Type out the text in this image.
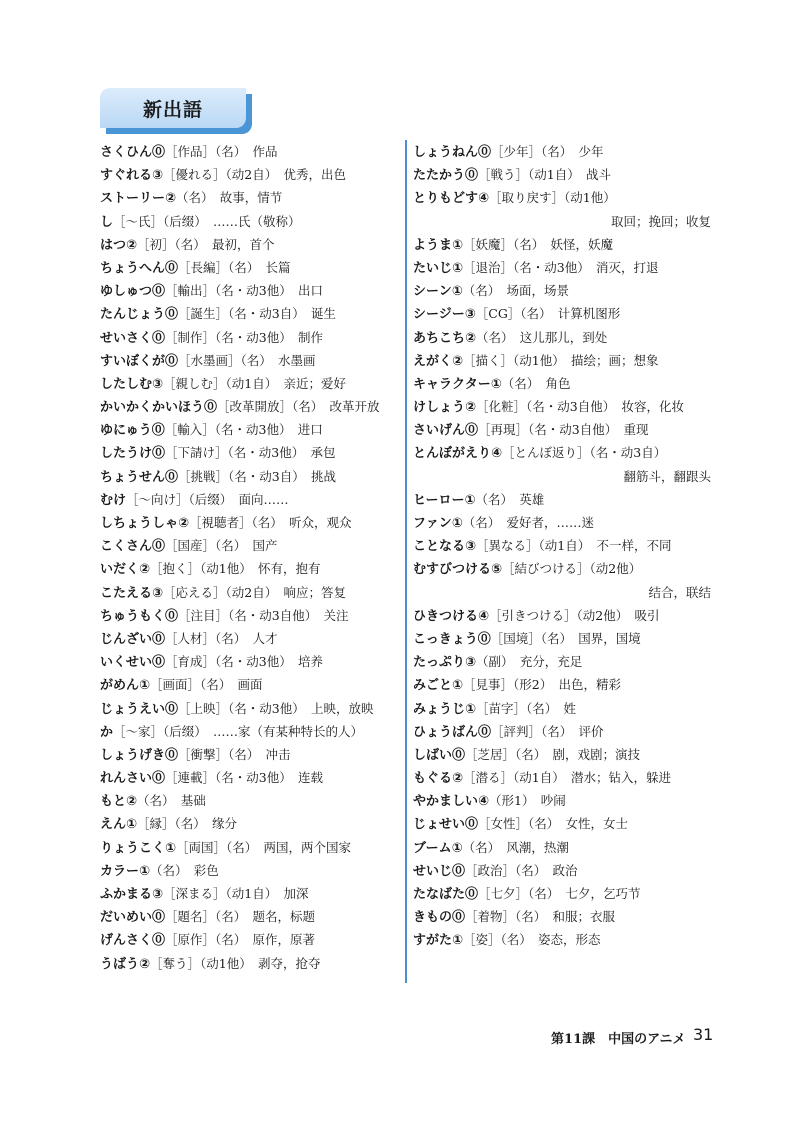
新出語
さくひん⓪［作品］（名）　作品
すぐれる③［優れる］（动2自）　优秀，出色
ストーリー②（名）　故事，情节
し［～氏］（后缀）　……氏（敬称）
はつ②［初］（名）　最初，首个
ちょうへん⓪［長編］（名）　长篇
ゆしゅつ⓪［輸出］（名・动3他）　出口
たんじょう⓪［誕生］（名・动3自）　诞生
せいさく⓪［制作］（名・动3他）　制作
すいぼくが⓪［水墨画］（名）　水墨画
したしむ③［親しむ］（动1自）　亲近；爱好
かいかくかいほう⓪［改革開放］（名）　改革开放
ゆにゅう⓪［輸入］（名・动3他）　进口
したうけ⓪［下請け］（名・动3他）　承包
ちょうせん⓪［挑戦］（名・动3自）　挑战
むけ［～向け］（后缀）　面向……
しちょうしゃ②［視聴者］（名）　听众，观众
こくさん⓪［国産］（名）　国产
いだく②［抱く］（动1他）　怀有，抱有
こたえる③［応える］（动2自）　响应；答复
ちゅうもく⓪［注目］（名・动3自他）　关注
じんざい⓪［人材］（名）　人才
いくせい⓪［育成］（名・动3他）　培养
がめん①［画面］（名）　画面
じょうえい⓪［上映］（名・动3他）　上映，放映
か［～家］（后缀）　……家（有某种特长的人）
しょうげき⓪［衝撃］（名）　冲击
れんさい⓪［連載］（名・动3他）　连载
もと②（名）　基础
えん①［縁］（名）　缘分
りょうこく①［両国］（名）　两国，两个国家
カラー①（名）　彩色
ふかまる③［深まる］（动1自）　加深
だいめい⓪［題名］（名）　题名，标题
げんさく⓪［原作］（名）　原作，原著
うばう②［奪う］（动1他）　剥夺，抢夺
しょうねん⓪［少年］（名）　少年
たたかう⓪［戦う］（动1自）　战斗
とりもどす④［取り戻す］（动1他）
取回；挽回；收复
ようま①［妖魔］（名）　妖怪，妖魔
たいじ①［退治］（名・动3他）　消灭，打退
シーン①（名）　场面，场景
シージー③［CG］（名）　计算机图形
あちこち②（名）　这儿那儿，到处
えがく②［描く］（动1他）　描绘；画；想象
キャラクター①（名）　角色
けしょう②［化粧］（名・动3自他）　妆容，化妆
さいげん⓪［再現］（名・动3自他）　重现
とんぼがえり④［とんぼ返り］（名・动3自）
翻筋斗，翻跟头
ヒーロー①（名）　英雄
ファン①（名）　爱好者，……迷
ことなる③［異なる］（动1自）　不一样，不同
むすびつける⑤［結びつける］（动2他）
结合，联结
ひきつける④［引きつける］（动2他）　吸引
こっきょう⓪［国境］（名）　国界，国境
たっぷり③（副）　充分，充足
みごと①［見事］（形2）　出色，精彩
みょうじ①［苗字］（名）　姓
ひょうばん⓪［評判］（名）　评价
しばい⓪［芝居］（名）　剧，戏剧；演技
もぐる②［潜る］（动1自）　潜水；钻入，躲进
やかましい④（形1）　吵闹
じょせい⓪［女性］（名）　女性，女士
ブーム①（名）　风潮，热潮
せいじ⓪［政治］（名）　政治
たなばた⓪［七夕］（名）　七夕，乞巧节
きもの⓪［着物］（名）　和服；衣服
すがた①［姿］（名）　姿态，形态
第11課　中国のアニメ 31
